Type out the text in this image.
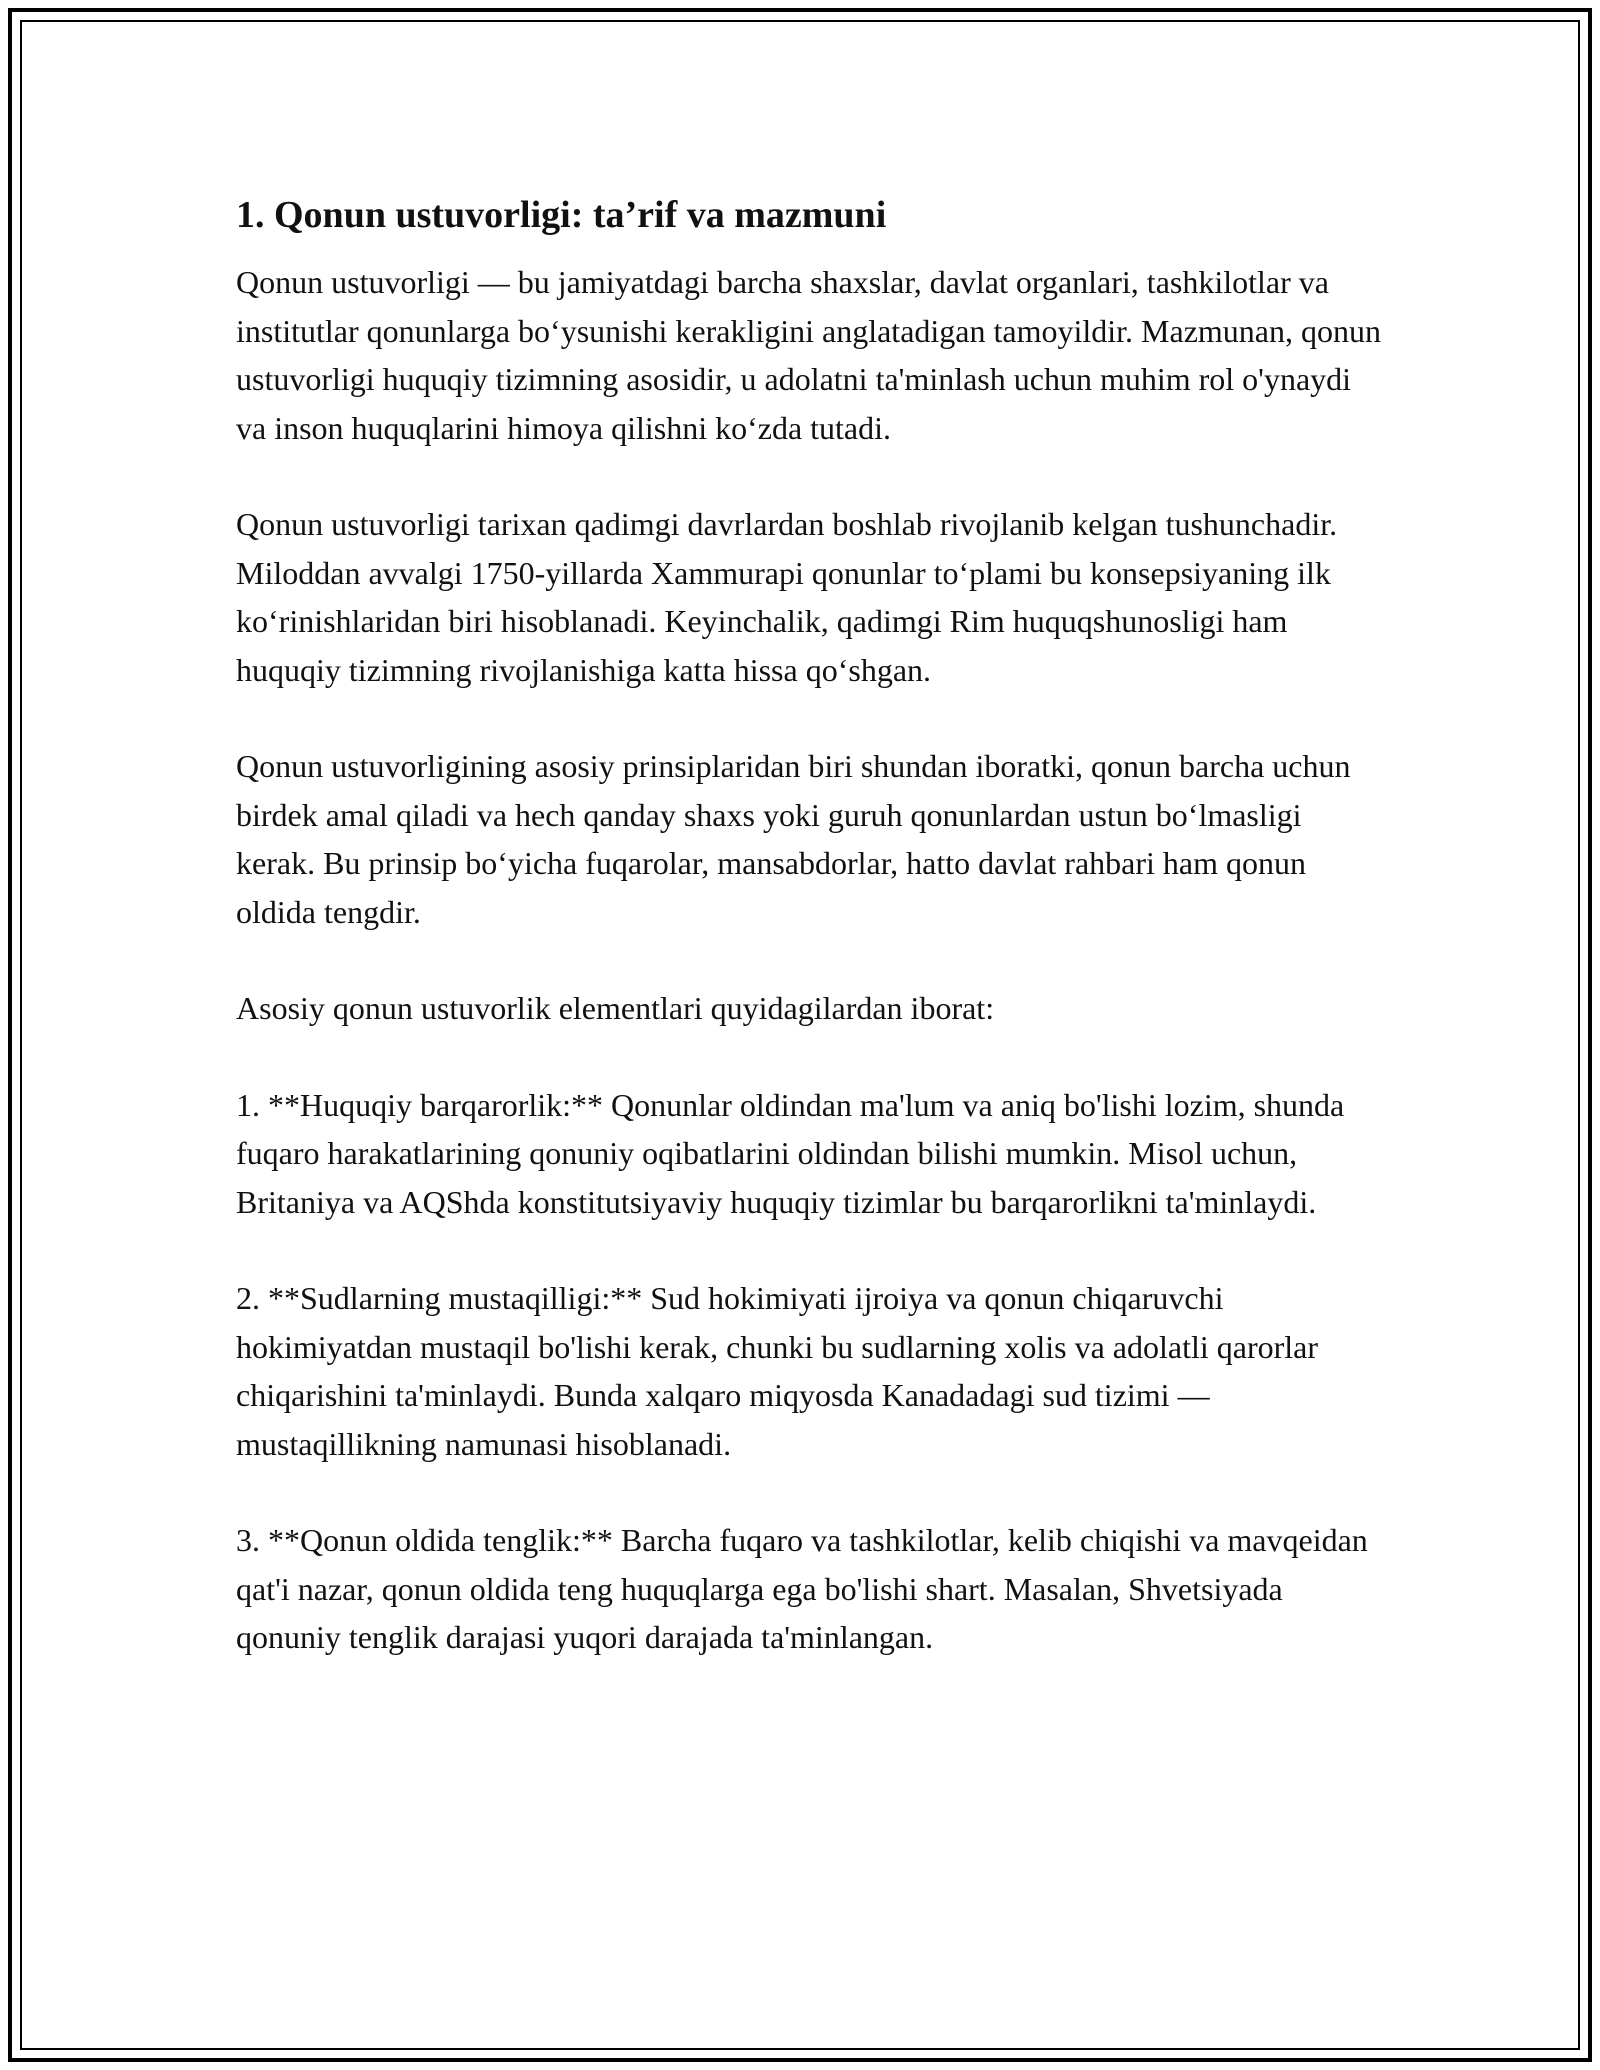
1. Qonun ustuvorligi: ta’rif va mazmuni

Qonun ustuvorligi — bu jamiyatdagi barcha shaxslar, davlat organlari, tashkilotlar va institutlar qonunlarga bo‘ysunishi kerakligini anglatadigan tamoyildir. Mazmunan, qonun ustuvorligi huquqiy tizimning asosidir, u adolatni ta'minlash uchun muhim rol o'ynaydi va inson huquqlarini himoya qilishni ko‘zda tutadi.

Qonun ustuvorligi tarixan qadimgi davrlardan boshlab rivojlanib kelgan tushunchadir. Miloddan avvalgi 1750-yillarda Xammurapi qonunlar to‘plami bu konsepsiyaning ilk ko‘rinishlaridan biri hisoblanadi. Keyinchalik, qadimgi Rim huquqshunosligi ham huquqiy tizimning rivojlanishiga katta hissa qo‘shgan.

Qonun ustuvorligining asosiy prinsiplaridan biri shundan iboratki, qonun barcha uchun birdek amal qiladi va hech qanday shaxs yoki guruh qonunlardan ustun bo‘lmasligi kerak. Bu prinsip bo‘yicha fuqarolar, mansabdorlar, hatto davlat rahbari ham qonun oldida tengdir.

Asosiy qonun ustuvorlik elementlari quyidagilardan iborat:

1. **Huquqiy barqarorlik:** Qonunlar oldindan ma'lum va aniq bo'lishi lozim, shunda fuqaro harakatlarining qonuniy oqibatlarini oldindan bilishi mumkin. Misol uchun, Britaniya va AQShda konstitutsiyaviy huquqiy tizimlar bu barqarorlikni ta'minlaydi.

2. **Sudlarning mustaqilligi:** Sud hokimiyati ijroiya va qonun chiqaruvchi hokimiyatdan mustaqil bo'lishi kerak, chunki bu sudlarning xolis va adolatli qarorlar chiqarishini ta'minlaydi. Bunda xalqaro miqyosda Kanadadagi sud tizimi — mustaqillikning namunasi hisoblanadi.

3. **Qonun oldida tenglik:** Barcha fuqaro va tashkilotlar, kelib chiqishi va mavqeidan qat'i nazar, qonun oldida teng huquqlarga ega bo'lishi shart. Masalan, Shvetsiyada qonuniy tenglik darajasi yuqori darajada ta'minlangan.
